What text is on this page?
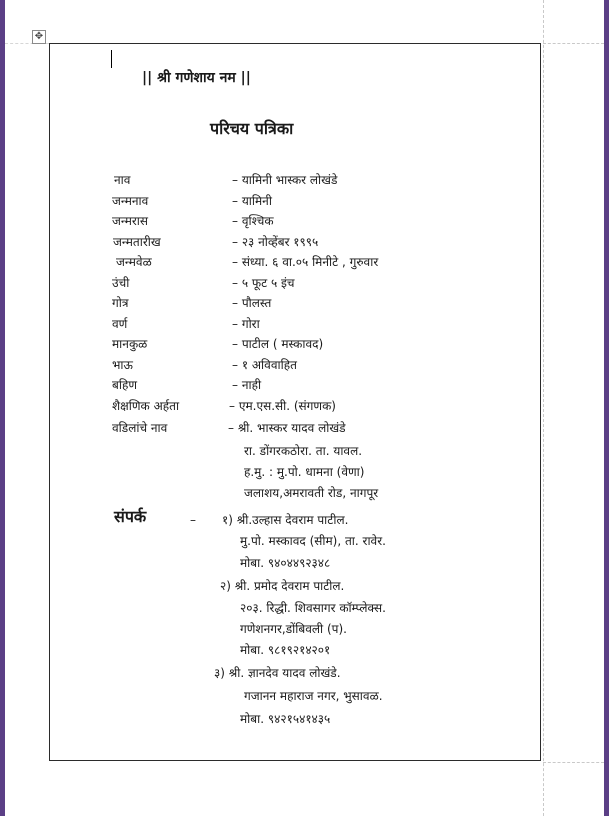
✥
|| श्री गणेशाय नम ||
परिचय पत्रिका
नाव
जन्मनाव
जन्मरास
जन्मतारीख
जन्मवेळ
उंची
गोत्र
वर्ण
मानकुळ
भाऊ
बहिण
शैक्षणिक अर्हता
वडिलांचे नाव
– यामिनी भास्कर लोखंडे
– यामिनी
– वृश्चिक
– २३ नोव्हेंबर १९९५
– संध्या. ६ वा.०५ मिनीटे , गुरुवार
– ५ फूट ५ इंच
– पौलस्त
– गोरा
– पाटील ( मस्कावद)
– १ अविवाहित
– नाही
– एम.एस.सी. (संगणक)
– श्री. भास्कर यादव लोखंडे
रा. डोंगरकठोरा. ता. यावल.
ह.मु. : मु.पो. धामना (वेणा)
जलाशय,अमरावती रोड, नागपूर
संपर्क	– १) श्री.उल्हास देवराम पाटील.
मु.पो. मस्कावद (सीम), ता. रावेर.
मोबा. ९४०४४९२३४८
२) श्री. प्रमोद देवराम पाटील.
२०३. रिद्धी. शिवसागर कॉम्प्लेक्स.
गणेशनगर,डोंबिवली (प).
मोबा. ९८१९२१४२०१
३) श्री. ज्ञानदेव यादव लोखंडे.
गजानन महाराज नगर, भुसावळ.
मोबा. ९४२१५४१४३५
